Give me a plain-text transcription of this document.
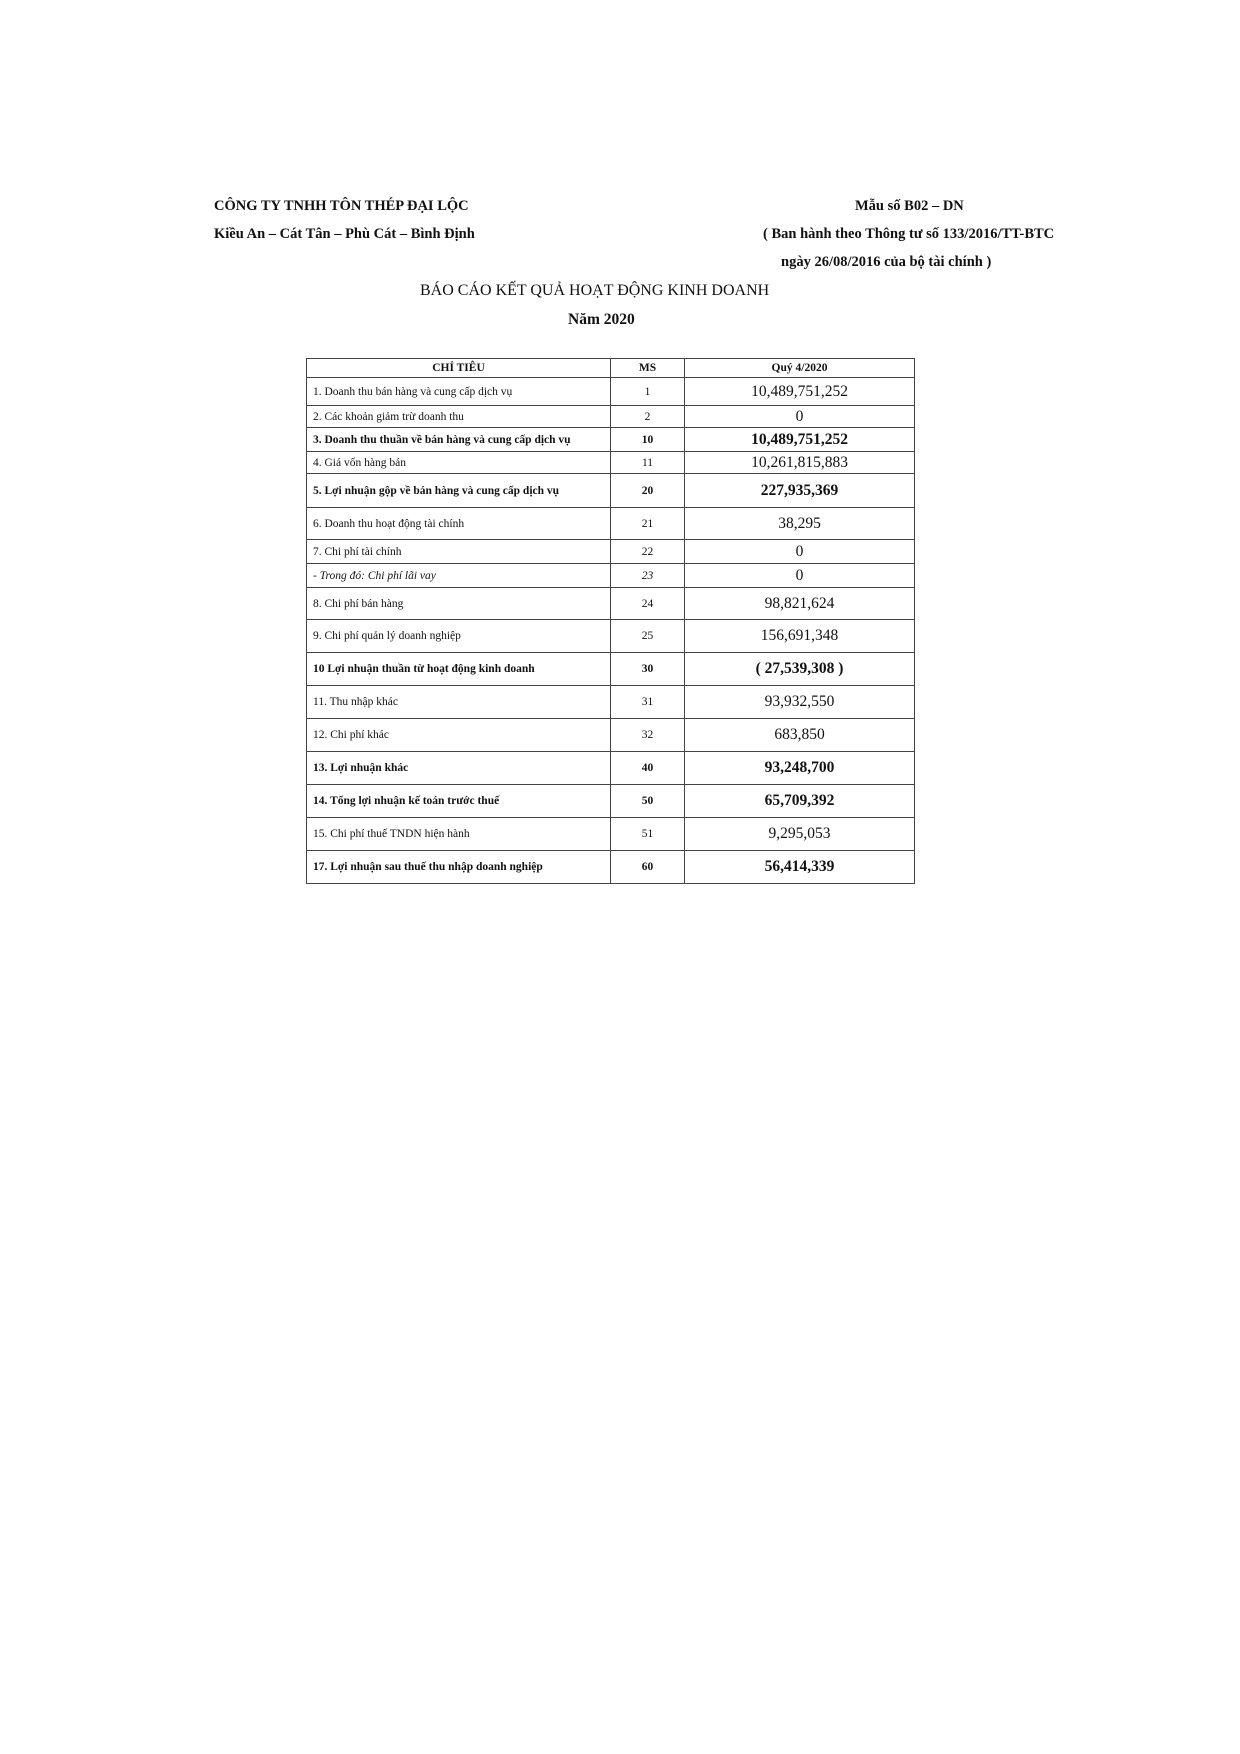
CÔNG TY TNHH TÔN THÉP ĐẠI LỘC
Kiều An – Cát Tân – Phù Cát – Bình Định
Mẫu số B02 – DN
( Ban hành theo Thông tư số 133/2016/TT-BTC
ngày 26/08/2016 của bộ tài chính )
BÁO CÁO KẾT QUẢ HOẠT ĐỘNG KINH DOANH
Năm 2020
CHỈ TIÊU	MS	Quý 4/2020
1. Doanh thu bán hàng và cung cấp dịch vụ	1	10,489,751,252
2. Các khoản giảm trừ doanh thu	2	0
3. Doanh thu thuần về bán hàng và cung cấp dịch vụ	10	10,489,751,252
4. Giá vốn hàng bán	11	10,261,815,883
5. Lợi nhuận gộp về bán hàng và cung cấp dịch vụ	20	227,935,369
6. Doanh thu hoạt động tài chính	21	38,295
7. Chi phí tài chính	22	0
- Trong đó: Chi phí lãi vay	23	0
8. Chi phí bán hàng	24	98,821,624
9. Chi phí quản lý doanh nghiệp	25	156,691,348
10 Lợi nhuận thuần từ hoạt động kinh doanh	30	( 27,539,308 )
11. Thu nhập khác	31	93,932,550
12. Chi phí khác	32	683,850
13. Lợi nhuận khác	40	93,248,700
14. Tổng lợi nhuận kế toán trước thuế	50	65,709,392
15. Chi phí thuế TNDN hiện hành	51	9,295,053
17. Lợi nhuận sau thuế thu nhập doanh nghiệp	60	56,414,339
